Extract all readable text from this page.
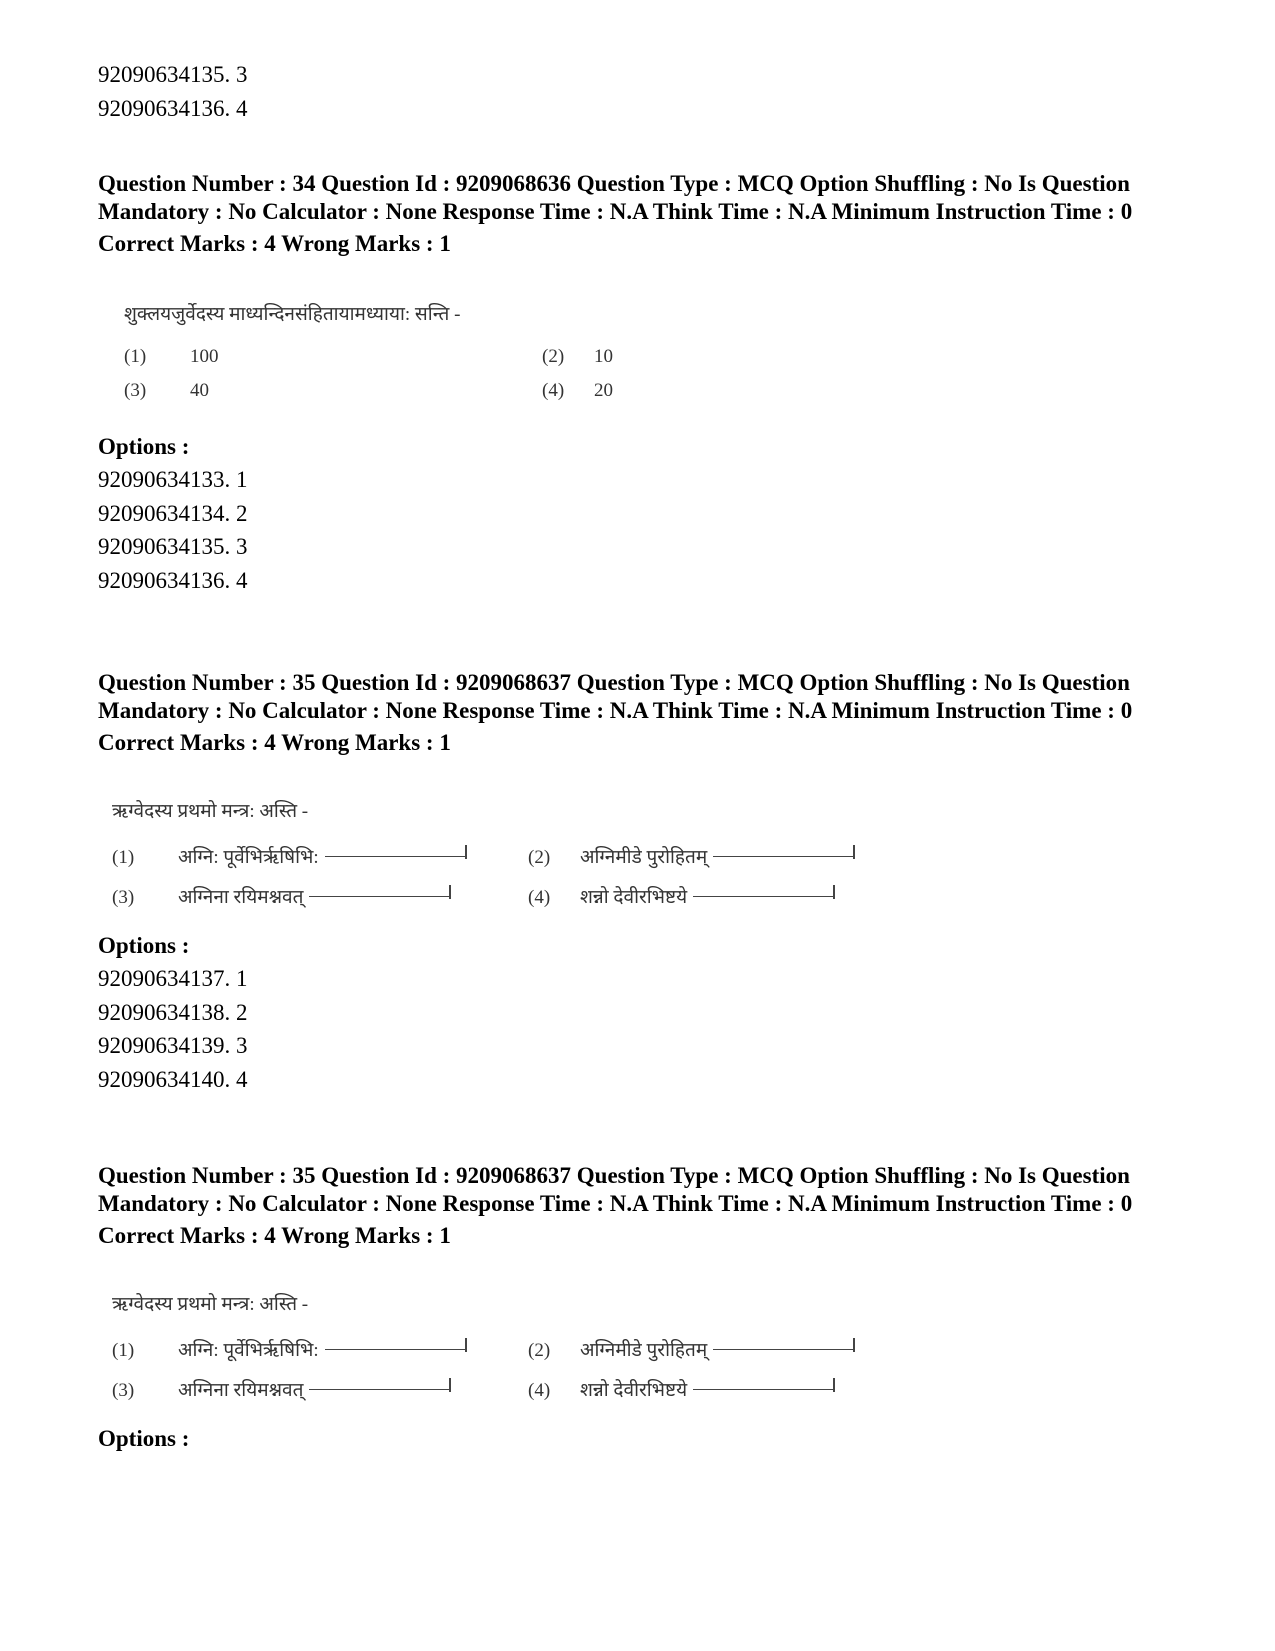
92090634135. 3
92090634136. 4
Question Number : 34 Question Id : 9209068636 Question Type : MCQ Option Shuffling : No Is Question Mandatory : No Calculator : None Response Time : N.A Think Time : N.A Minimum Instruction Time : 0
Correct Marks : 4 Wrong Marks : 1
शुक्लयजुर्वेदस्य माध्यन्दिनसंहितायामध्याया: सन्ति -
(1)	100	(2)	10
(3)	40	(4)	20
Options :
92090634133. 1
92090634134. 2
92090634135. 3
92090634136. 4
Question Number : 35 Question Id : 9209068637 Question Type : MCQ Option Shuffling : No Is Question Mandatory : No Calculator : None Response Time : N.A Think Time : N.A Minimum Instruction Time : 0
Correct Marks : 4 Wrong Marks : 1
ऋग्वेदस्य प्रथमो मन्त्र: अस्ति -
(1)	अग्नि: पूर्वेभिर्ऋषिभि:	(2)	अग्निमीडे पुरोहितम्
(3)	अग्निना रयिमश्नवत्	(4)	शन्नो देवीरभिष्टये
Options :
92090634137. 1
92090634138. 2
92090634139. 3
92090634140. 4
Question Number : 35 Question Id : 9209068637 Question Type : MCQ Option Shuffling : No Is Question Mandatory : No Calculator : None Response Time : N.A Think Time : N.A Minimum Instruction Time : 0
Correct Marks : 4 Wrong Marks : 1
ऋग्वेदस्य प्रथमो मन्त्र: अस्ति -
(1)	अग्नि: पूर्वेभिर्ऋषिभि:	(2)	अग्निमीडे पुरोहितम्
(3)	अग्निना रयिमश्नवत्	(4)	शन्नो देवीरभिष्टये
Options :
